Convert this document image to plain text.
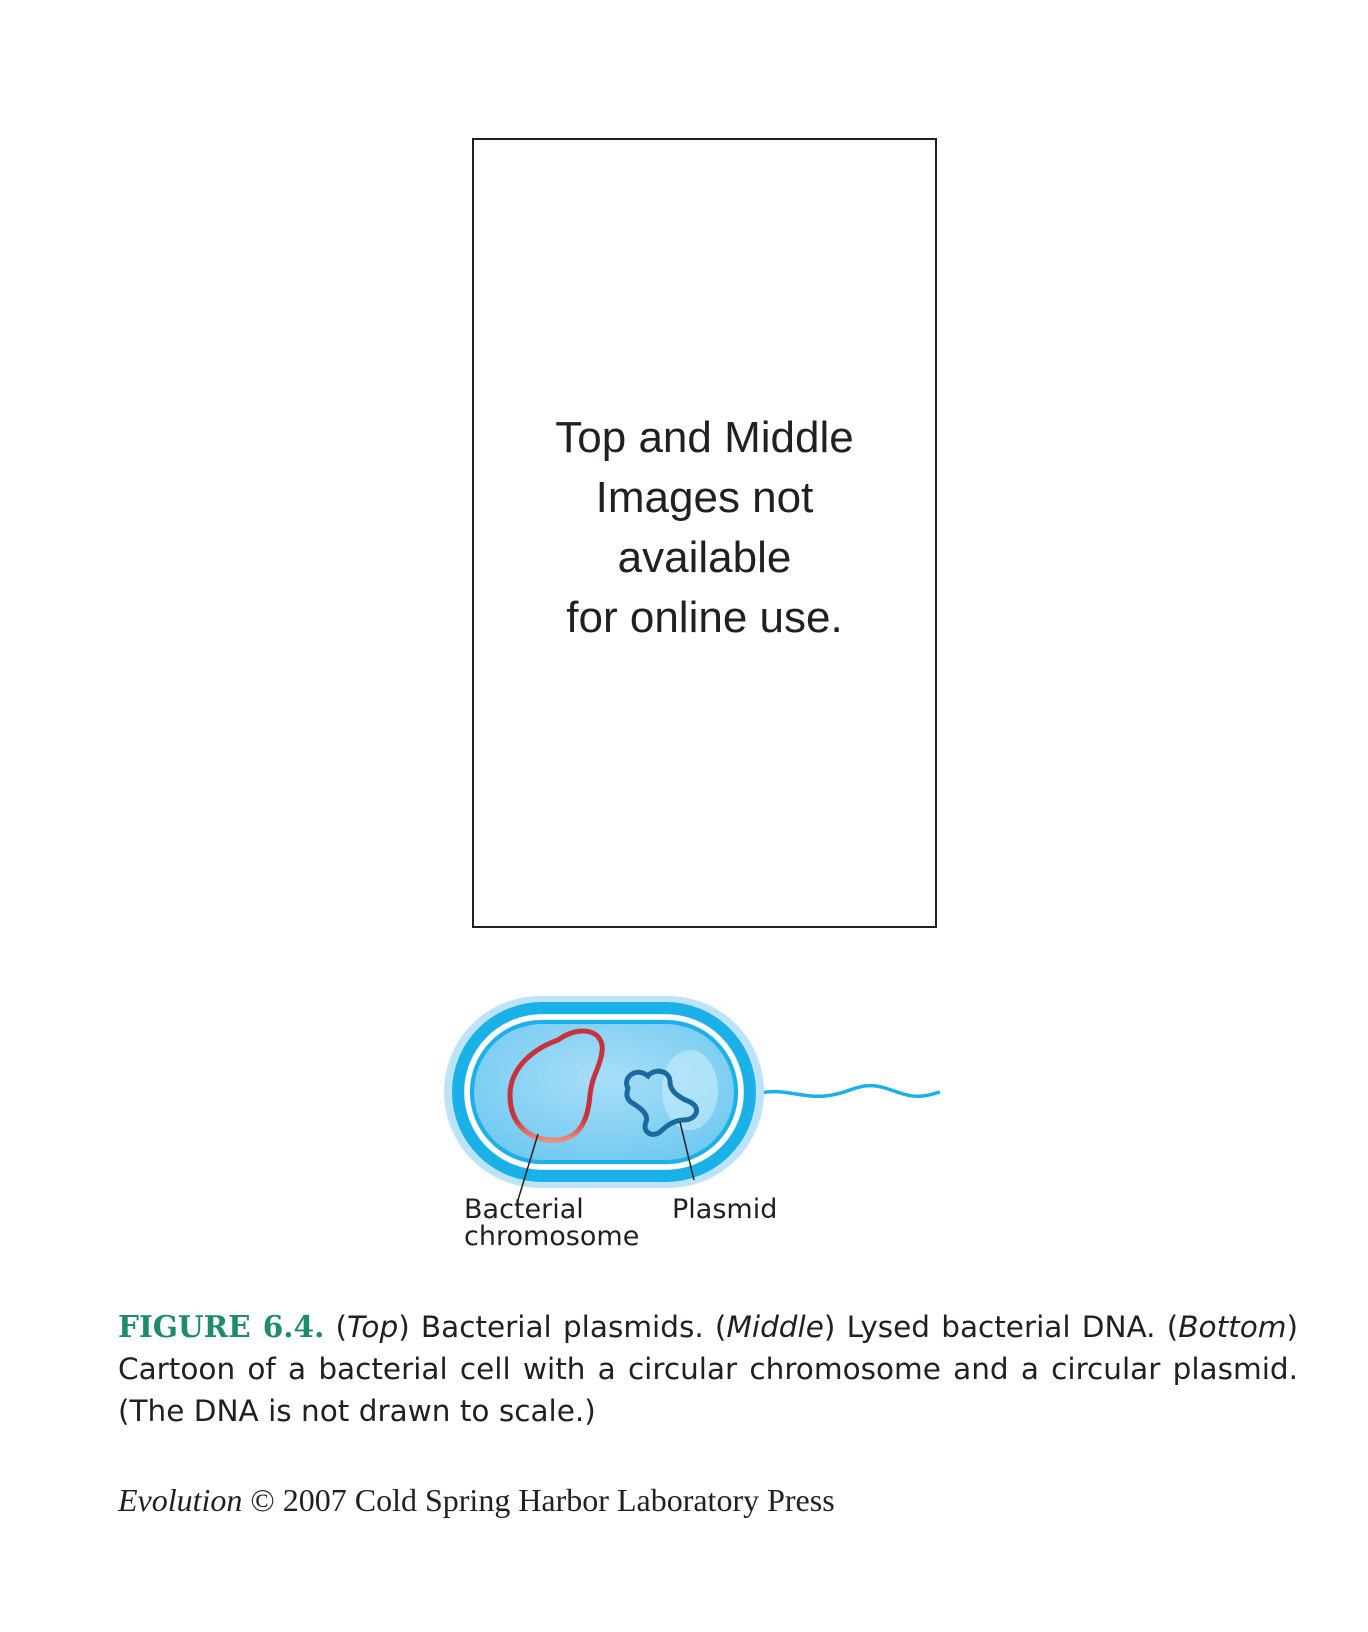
Top and Middle
Images not
available
for online use.
Bacterial
chromosome
Plasmid
FIGURE 6.4. (Top) Bacterial plasmids. (Middle) Lysed bacterial DNA. (Bottom) Cartoon of a bacterial cell with a circular chromosome and a circular plasmid. (The DNA is not drawn to scale.)
Evolution © 2007 Cold Spring Harbor Laboratory Press
